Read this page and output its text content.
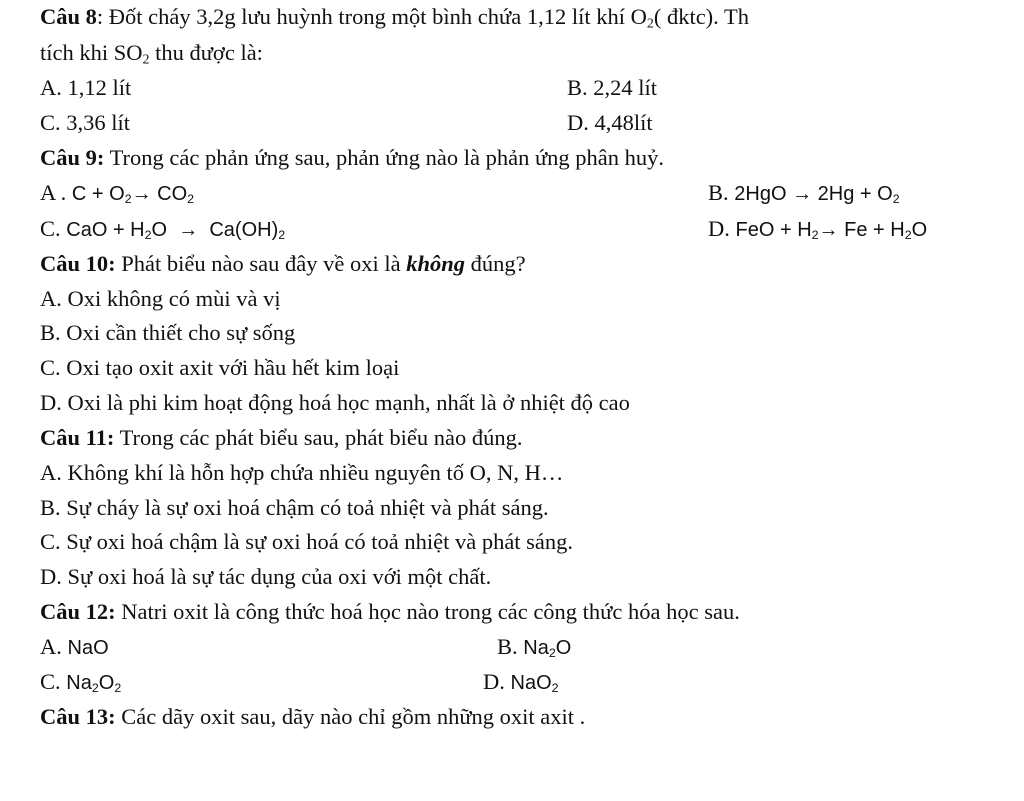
Câu 8: Đốt cháy 3,2g lưu huỳnh trong một bình chứa 1,12 lít khí $O_2$( đktc). Th
tích khi $SO_2$ thu được là:
A. 1,12 lít	B. 2,24 lít
C. 3,36 lít	D. 4,48lít
Câu 9: Trong các phản ứng sau, phản ứng nào là phản ứng phân huỷ.
A . $C + O_2\to CO_2$	B. $2HgO \to 2Hg + O_2$
C. CaO + $H_2O \to Ca(OH)_2$	D. FeO + $H_2\to Fe + H_2O$
Câu 10: Phát biểu nào sau đây về oxi là không đúng?
A. Oxi không có mùi và vị
B. Oxi cần thiết cho sự sống
C. Oxi tạo oxit axit với hầu hết kim loại
D. Oxi là phi kim hoạt động hoá học mạnh, nhất là ở nhiệt độ cao
Câu 11: Trong các phát biểu sau, phát biểu nào đúng.
A. Không khí là hỗn hợp chứa nhiều nguyên tố O, N, H…
B. Sự cháy là sự oxi hoá chậm có toả nhiệt và phát sáng.
C. Sự oxi hoá chậm là sự oxi hoá có toả nhiệt và phát sáng.
D. Sự oxi hoá là sự tác dụng của oxi với một chất.
Câu 12: Natri oxit là công thức hoá học nào trong các công thức hóa học sau.
A. NaO	B. $Na_2O$
C. $Na_2O_2$	D. NaO$_2$
Câu 13: Các dãy oxit sau, dãy nào chỉ gồm những oxit axit .
